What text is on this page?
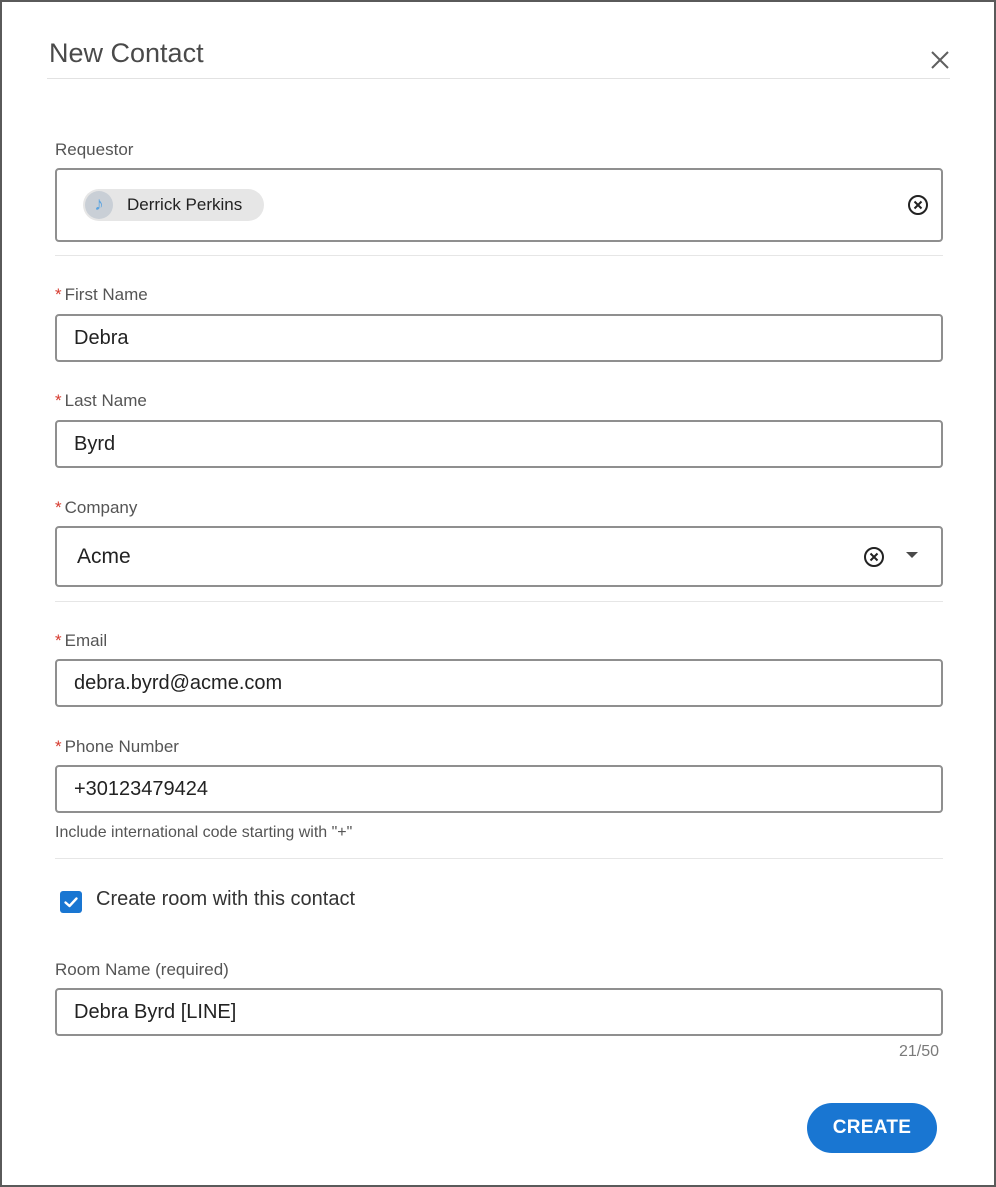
New Contact
Requestor
♪ Derrick Perkins
* First Name
Debra
* Last Name
Byrd
* Company
Acme
* Email
debra.byrd@acme.com
* Phone Number
+30123479424
Include international code starting with "+"
Create room with this contact
Room Name (required)
Debra Byrd [LINE]
21/50
CREATE
